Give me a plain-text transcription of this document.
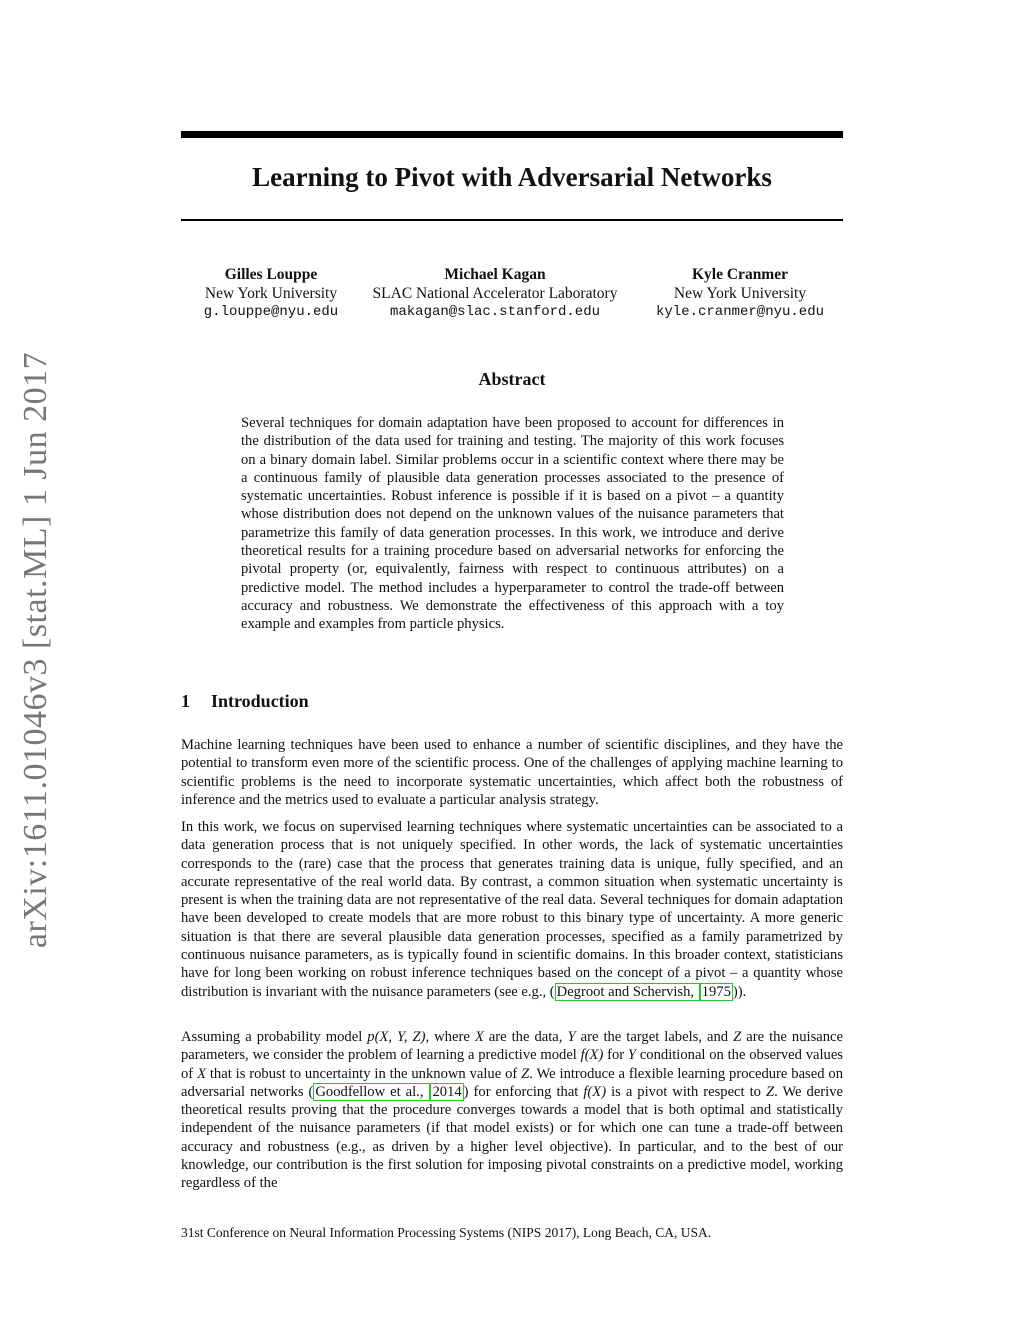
arXiv:1611.01046v3 [stat.ML] 1 Jun 2017
Learning to Pivot with Adversarial Networks
Gilles Louppe
New York University
g.louppe@nyu.edu
Michael Kagan
SLAC National Accelerator Laboratory
makagan@slac.stanford.edu
Kyle Cranmer
New York University
kyle.cranmer@nyu.edu
Abstract

Several techniques for domain adaptation have been proposed to account for differences in the distribution of the data used for training and testing. The majority of this work focuses on a binary domain label. Similar problems occur in a scientific context where there may be a continuous family of plausible data generation processes associated to the presence of systematic uncertainties. Robust inference is possible if it is based on a pivot – a quantity whose distribution does not depend on the unknown values of the nuisance parameters that parametrize this family of data generation processes. In this work, we introduce and derive theoretical results for a training procedure based on adversarial networks for enforcing the pivotal property (or, equivalently, fairness with respect to continuous attributes) on a predictive model. The method includes a hyperparameter to control the trade-off between accuracy and robustness. We demonstrate the effectiveness of this approach with a toy example and examples from particle physics.

1 Introduction

Machine learning techniques have been used to enhance a number of scientific disciplines, and they have the potential to transform even more of the scientific process. One of the challenges of applying machine learning to scientific problems is the need to incorporate systematic uncertainties, which affect both the robustness of inference and the metrics used to evaluate a particular analysis strategy.

In this work, we focus on supervised learning techniques where systematic uncertainties can be associated to a data generation process that is not uniquely specified. In other words, the lack of systematic uncertainties corresponds to the (rare) case that the process that generates training data is unique, fully specified, and an accurate representative of the real world data. By contrast, a common situation when systematic uncertainty is present is when the training data are not representative of the real data. Several techniques for domain adaptation have been developed to create models that are more robust to this binary type of uncertainty. A more generic situation is that there are several plausible data generation processes, specified as a family parametrized by continuous nuisance parameters, as is typically found in scientific domains. In this broader context, statisticians have for long been working on robust inference techniques based on the concept of a pivot – a quantity whose distribution is invariant with the nuisance parameters (see e.g., ( Degroot and Schervish, 1975 )).

Assuming a probability model p(X, Y, Z), where X are the data, Y are the target labels, and Z are the nuisance parameters, we consider the problem of learning a predictive model f(X) for Y conditional on the observed values of X that is robust to uncertainty in the unknown value of Z. We introduce a flexible learning procedure based on adversarial networks ( Goodfellow et al., 2014 ) for enforcing that f(X) is a pivot with respect to Z. We derive theoretical results proving that the procedure converges towards a model that is both optimal and statistically independent of the nuisance parameters (if that model exists) or for which one can tune a trade-off between accuracy and robustness (e.g., as driven by a higher level objective). In particular, and to the best of our knowledge, our contribution is the first solution for imposing pivotal constraints on a predictive model, working regardless of the

31st Conference on Neural Information Processing Systems (NIPS 2017), Long Beach, CA, USA.
